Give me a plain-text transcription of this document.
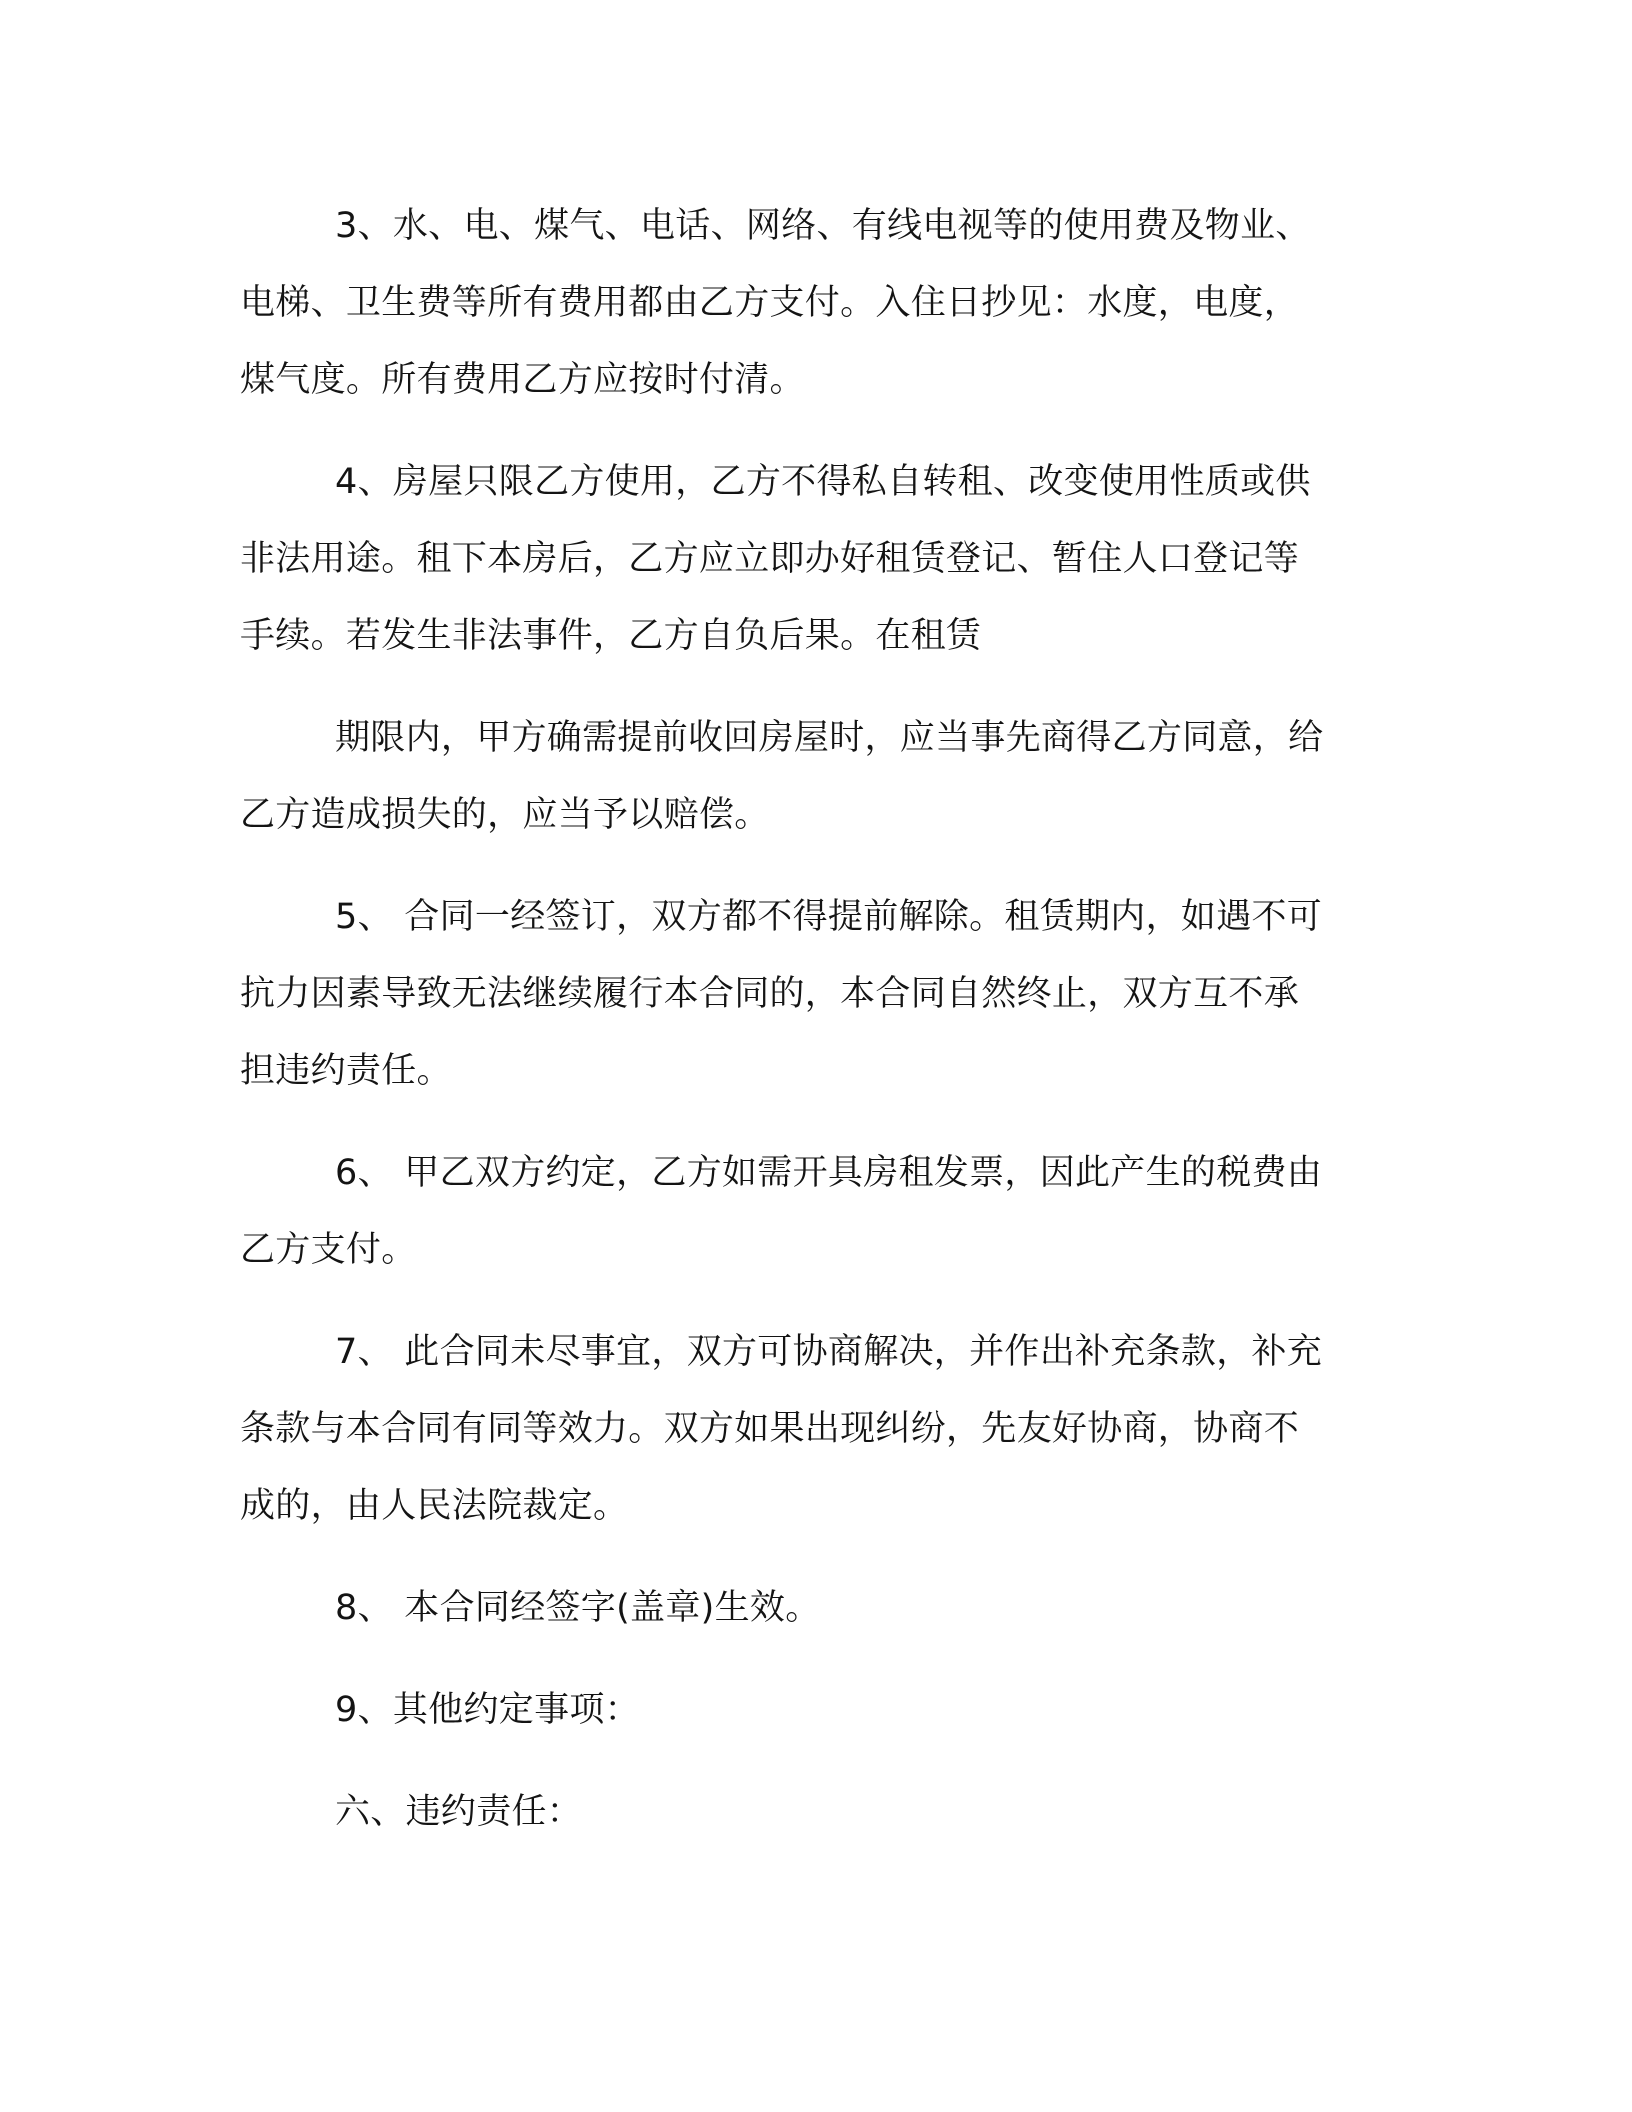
3、水、电、煤气、电话、网络、有线电视等的使用费及物业、
电梯、卫生费等所有费用都由乙方支付。入住日抄见：水度，电度，
煤气度。所有费用乙方应按时付清。
4、房屋只限乙方使用，乙方不得私自转租、改变使用性质或供
非法用途。租下本房后，乙方应立即办好租赁登记、暂住人口登记等
手续。若发生非法事件，乙方自负后果。在租赁
期限内，甲方确需提前收回房屋时，应当事先商得乙方同意，给
乙方造成损失的，应当予以赔偿。
5、 合同一经签订，双方都不得提前解除。租赁期内，如遇不可
抗力因素导致无法继续履行本合同的，本合同自然终止，双方互不承
担违约责任。
6、 甲乙双方约定，乙方如需开具房租发票，因此产生的税费由
乙方支付。
7、 此合同未尽事宜，双方可协商解决，并作出补充条款，补充
条款与本合同有同等效力。双方如果出现纠纷，先友好协商，协商不
成的，由人民法院裁定。
8、 本合同经签字(盖章)生效。
9、其他约定事项：
六、违约责任：
